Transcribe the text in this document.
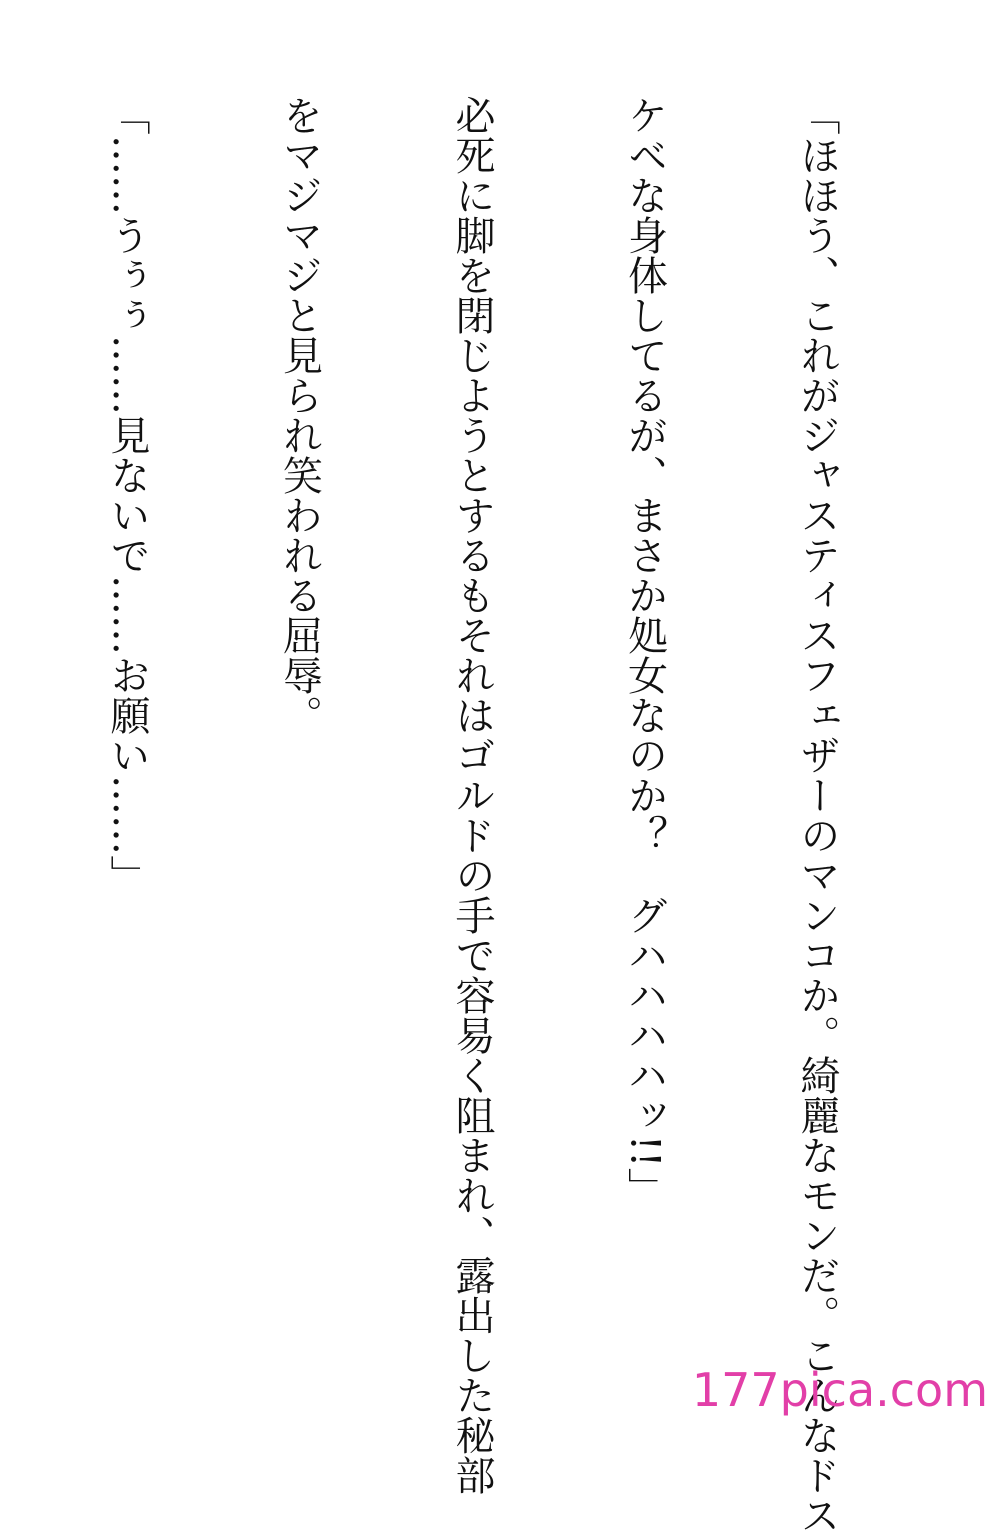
「ほほう、これがジャスティスフェザーのマンコか。綺麗なモンだ。こんなドス

ケベな身体してるが、まさか処女なのか？　グハハハハッ!!」

必死に脚を閉じようとするもそれはゴルドの手で容易く阻まれ、露出した秘部

をマジマジと見られ笑われる屈辱。

「……うぅぅ……見ないで……お願い……」

177pica.com
